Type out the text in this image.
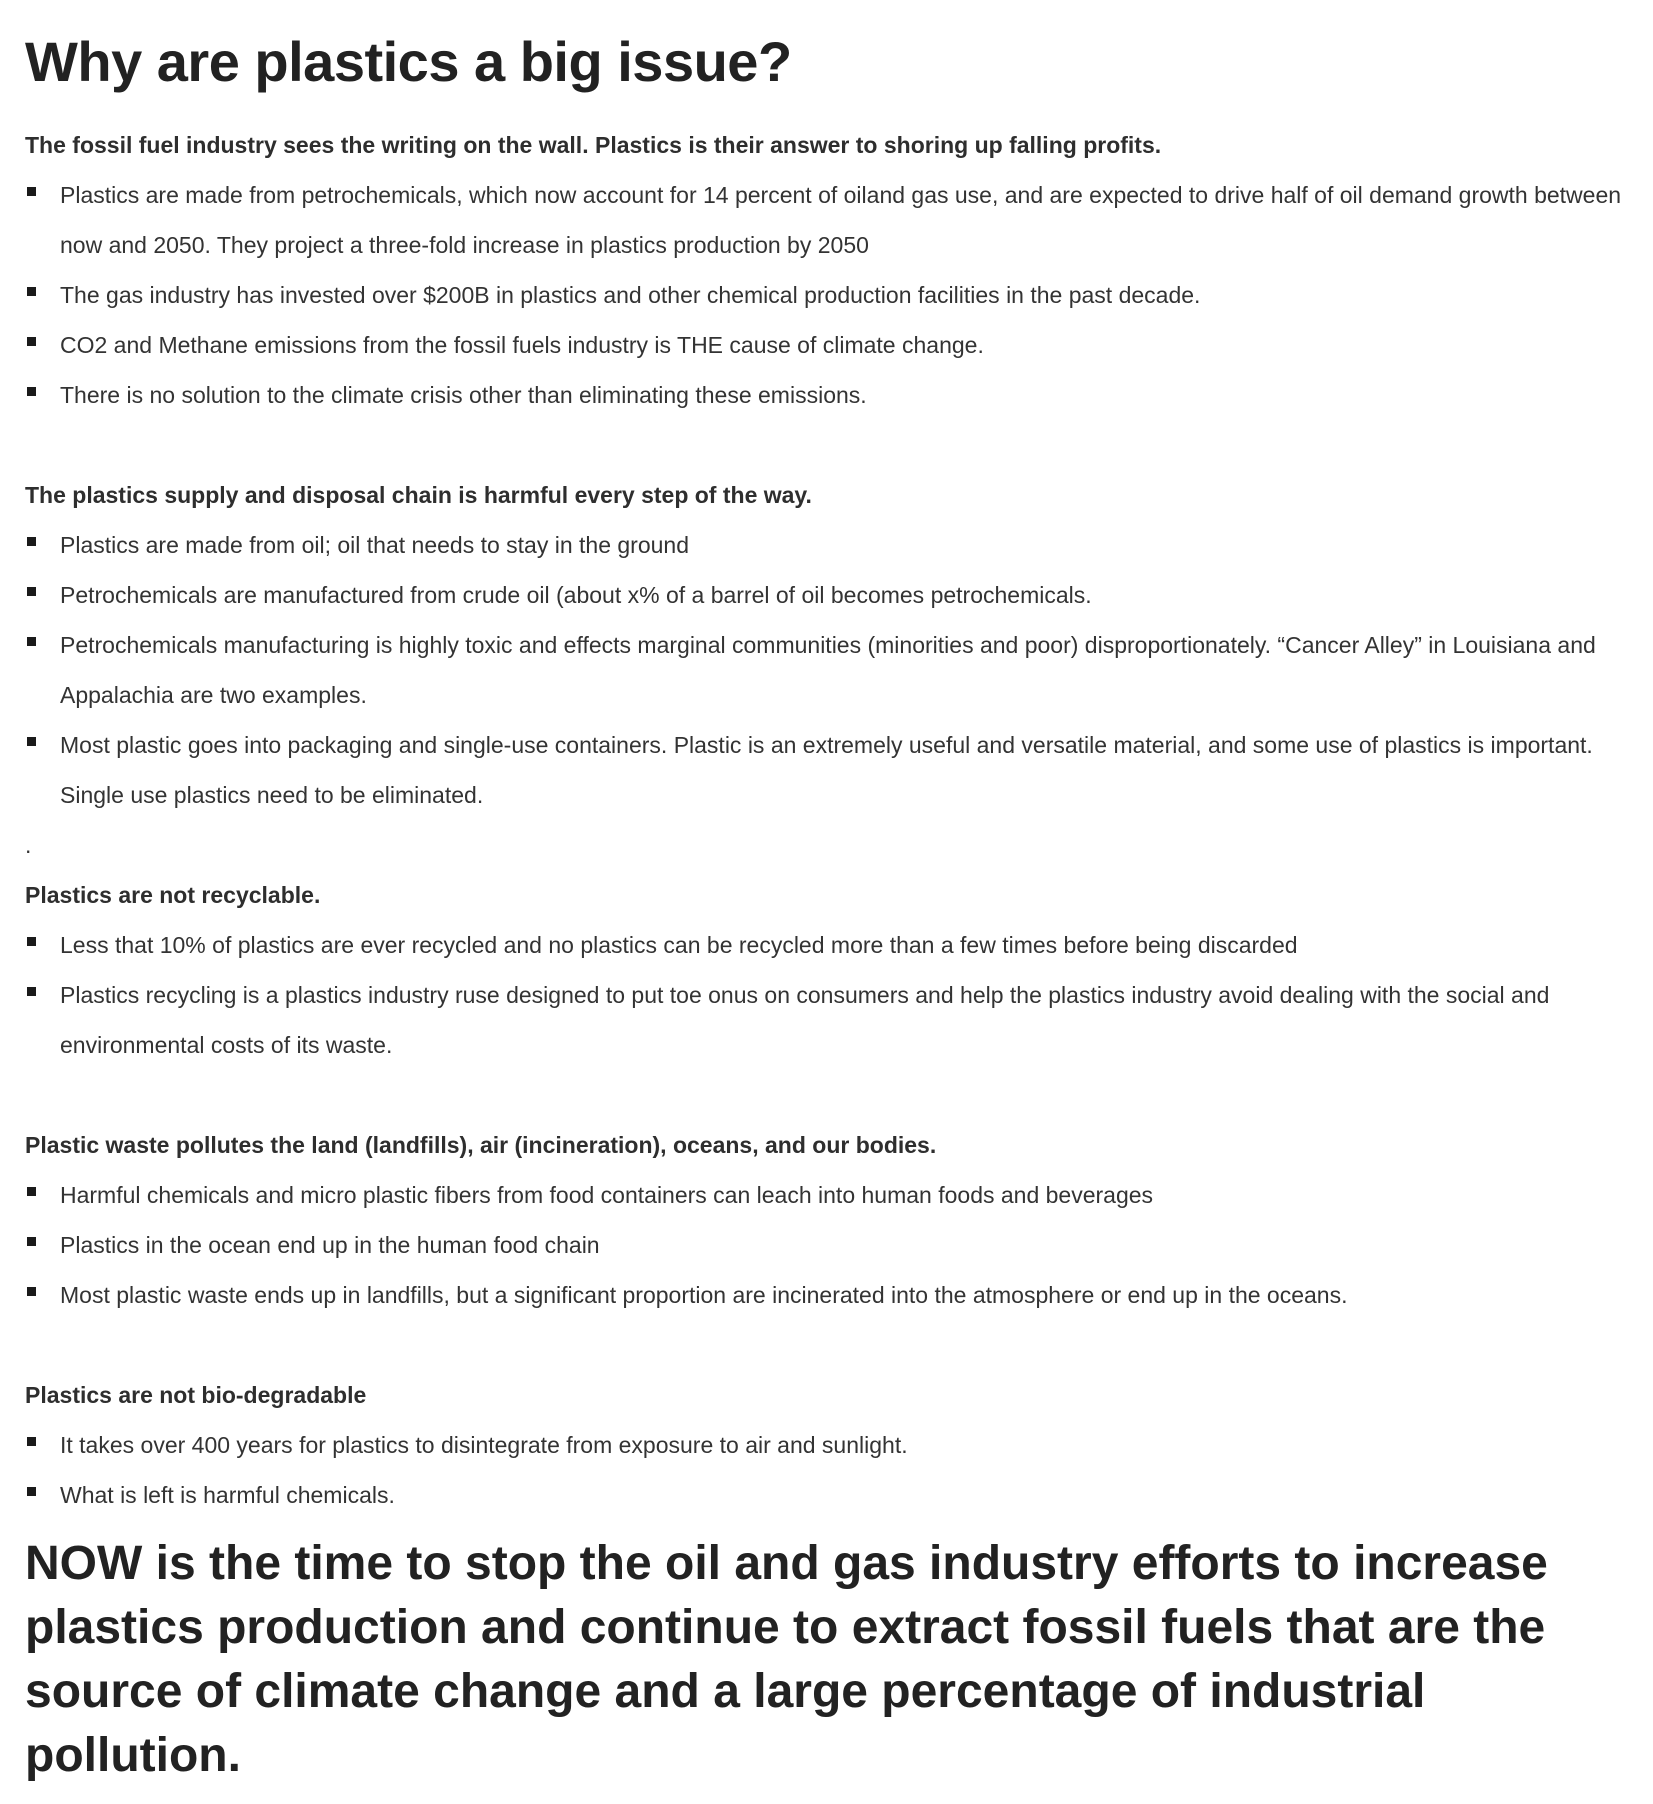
Why are plastics a big issue?

The fossil fuel industry sees the writing on the wall. Plastics is their answer to shoring up falling profits.

Plastics are made from petrochemicals, which now account for 14 percent of oiland gas use, and are expected to drive half of oil demand growth between now and 2050. They project a three-fold increase in plastics production by 2050
The gas industry has invested over $200B in plastics and other chemical production facilities in the past decade.
CO2 and Methane emissions from the fossil fuels industry is THE cause of climate change.
There is no solution to the climate crisis other than eliminating these emissions.

The plastics supply and disposal chain is harmful every step of the way.

Plastics are made from oil; oil that needs to stay in the ground
Petrochemicals are manufactured from crude oil (about x% of a barrel of oil becomes petrochemicals.
Petrochemicals manufacturing is highly toxic and effects marginal communities (minorities and poor) disproportionately. “Cancer Alley” in Louisiana and Appalachia are two examples.
Most plastic goes into packaging and single-use containers. Plastic is an extremely useful and versatile material, and some use of plastics is important. Single use plastics need to be eliminated.
.

Plastics are not recyclable.

Less that 10% of plastics are ever recycled and no plastics can be recycled more than a few times before being discarded
Plastics recycling is a plastics industry ruse designed to put toe onus on consumers and help the plastics industry avoid dealing with the social and environmental costs of its waste.

Plastic waste pollutes the land (landfills), air (incineration), oceans, and our bodies.

Harmful chemicals and micro plastic fibers from food containers can leach into human foods and beverages
Plastics in the ocean end up in the human food chain
Most plastic waste ends up in landfills, but a significant proportion are incinerated into the atmosphere or end up in the oceans.

Plastics are not bio-degradable

It takes over 400 years for plastics to disintegrate from exposure to air and sunlight.
What is left is harmful chemicals.
NOW is the time to stop the oil and gas industry efforts to increase plastics production and continue to extract fossil fuels that are the source of climate change and a large percentage of industrial pollution.
